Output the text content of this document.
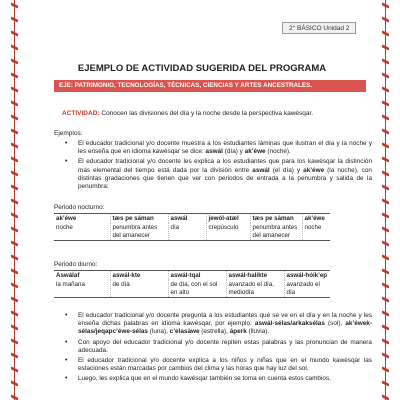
2° BÁSICO Unidad 2
EJEMPLO DE ACTIVIDAD SUGERIDA DEL PROGRAMA
EJE: PATRIMONIO, TECNOLOGÍAS, TÉCNICAS, CIENCIAS Y ARTES ANCESTRALES.
ACTIVIDAD: Conocen las divisiones del día y la noche desde la perspectiva kawésqar.
Ejemplos:
• El educador tradicional y/o docente muestra a los estudiantes láminas que ilustran el día y la noche y les enseña que en idioma kawésqar se dice: aswál (día) y ak’éwe (noche).
• El educador tradicional y/o docente les explica a los estudiantes que para los kawésqar la distinción más elemental del tiempo está dada por la división entre aswál (el día) y ak’éwe (la noche), con distintas gradaciones que tienen que ver con periodos de entrada a la penumbra y salida de la penumbra:
Periodo nocturno:
ak’éwe	tæs pe sáman	aswál	jewól-atæl	tæs pe sáman	ak’éwe
noche	penumbra antes del amanecer	día	crepúsculo	penumbra antes del amanecer	noche
Periodo diurno:
Aswálaf	aswál-kte	aswál-tqal	aswál-halíkte	aswál-hóik’ep
la mañana	de día	de día, con el sol en alto	avanzado el día, mediodía	avanzado el día
• El educador tradicional y/o docente pregunta a los estudiantes qué se ve en el día y en la noche y les enseña dichas palabras en idioma kawésqar, por ejemplo: aswál-sélas/arkaksélas (sol), ak’éwek-sélas/jeqapc’éwe-sélas (luna), c’elasáwe (estrella), áperk (lluvia).
• Con apoyo del educador tradicional y/o docente repiten estas palabras y las pronuncian de manera adecuada.
• El educador tradicional y/o docente explica a los niños y niñas que en el mundo kawésqar las estaciones están marcadas por cambios del clima y las horas que hay luz del sol.
• Luego, les explica que en el mundo kawésqar también se toma en cuenta estos cambios,
